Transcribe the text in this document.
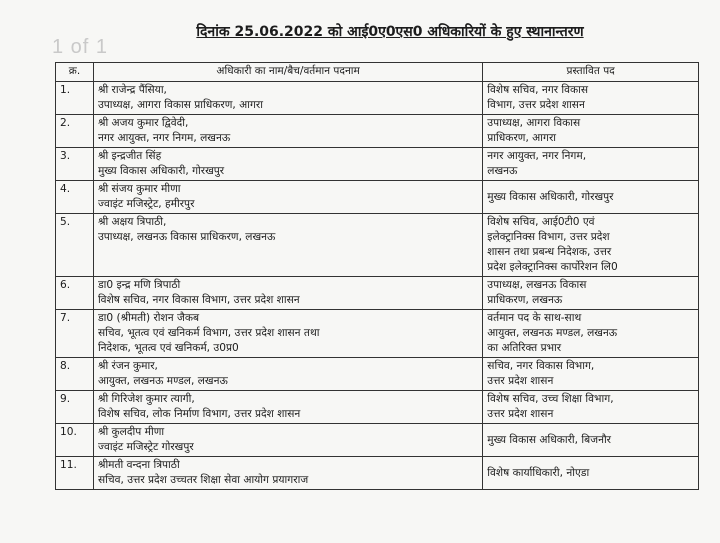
1 of 1
दिनांक 25.06.2022 को आई0ए0एस0 अधिकारियों के हुए स्थानान्तरण
क्र.	अधिकारी का नाम/बैच/वर्तमान पदनाम	प्रस्तावित पद
1.	श्री राजेन्द्र पैंसिया,
उपाध्यक्ष, आगरा विकास प्राधिकरण, आगरा	विशेष सचिव, नगर विकास
विभाग, उत्तर प्रदेश शासन

2.	श्री अजय कुमार द्विवेदी,
नगर आयुक्त, नगर निगम, लखनऊ	उपाध्यक्ष, आगरा विकास
प्राधिकरण, आगरा

3.	श्री इन्द्रजीत सिंह
मुख्य विकास अधिकारी, गोरखपुर	नगर आयुक्त, नगर निगम,
लखनऊ

4.	श्री संजय कुमार मीणा
ज्वाइंट मजिस्ट्रेट, हमीरपुर	मुख्य विकास अधिकारी, गोरखपुर

5.	श्री अक्षय त्रिपाठी,
उपाध्यक्ष, लखनऊ विकास प्राधिकरण, लखनऊ	विशेष सचिव, आई0टी0 एवं
इलेक्ट्रानिक्स विभाग, उत्तर प्रदेश
शासन तथा प्रबन्ध निदेशक, उत्तर
प्रदेश इलेक्ट्रानिक्स कार्पोरेशन लि0

6.	डा0 इन्द्र मणि त्रिपाठी
विशेष सचिव, नगर विकास विभाग, उत्तर प्रदेश शासन	उपाध्यक्ष, लखनऊ विकास
प्राधिकरण, लखनऊ

7.	डा0 (श्रीमती) रोशन जैकब
सचिव, भूतत्व एवं खनिकर्म विभाग, उत्तर प्रदेश शासन तथा
निदेशक, भूतत्व एवं खनिकर्म, उ0प्र0	वर्तमान पद के साथ-साथ
आयुक्त, लखनऊ मण्डल, लखनऊ
का अतिरिक्त प्रभार

8.	श्री रंजन कुमार,
आयुक्त, लखनऊ मण्डल, लखनऊ	सचिव, नगर विकास विभाग,
उत्तर प्रदेश शासन

9.	श्री गिरिजेश कुमार त्यागी,
विशेष सचिव, लोक निर्माण विभाग, उत्तर प्रदेश शासन	विशेष सचिव, उच्च शिक्षा विभाग,
उत्तर प्रदेश शासन

10.	श्री कुलदीप मीणा
ज्वाइंट मजिस्ट्रेट गोरखपुर	मुख्य विकास अधिकारी, बिजनौर

11.	श्रीमती वन्दना त्रिपाठी
सचिव, उत्तर प्रदेश उच्चतर शिक्षा सेवा आयोग प्रयागराज	विशेष कार्याधिकारी, नोएडा
